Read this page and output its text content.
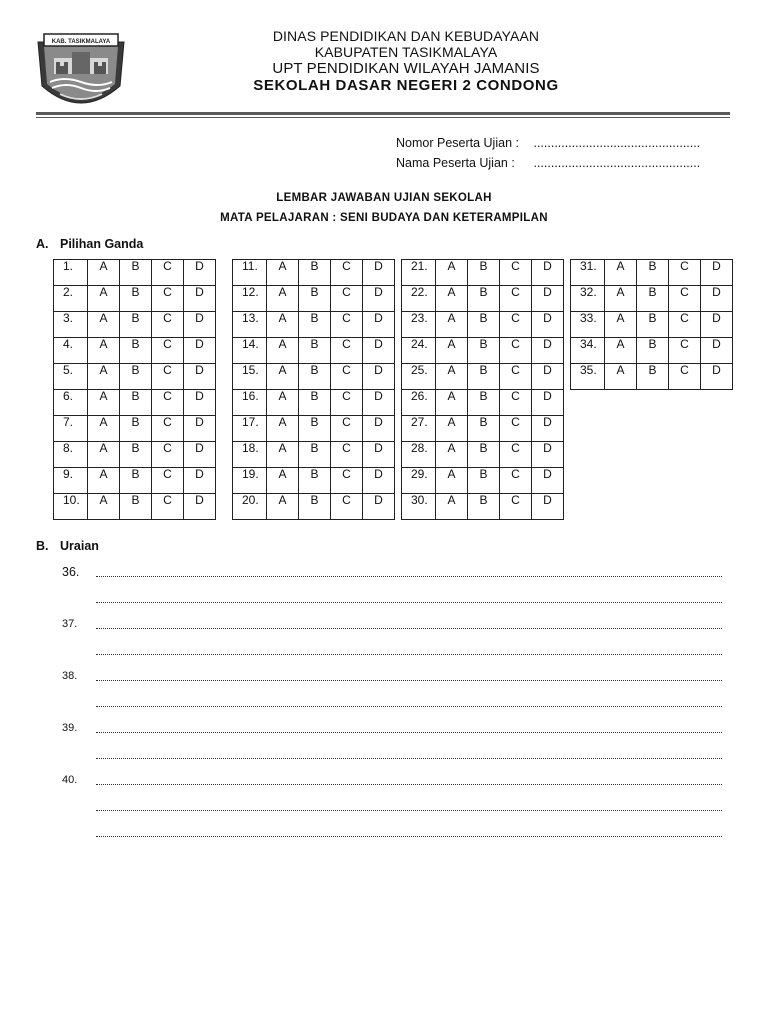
KAB. TASIKMALAYA	DINAS PENDIDIKAN DAN KEBUDAYAAN
KABUPATEN TASIKMALAYA
UPT PENDIDIKAN WILAYAH JAMANIS
SEKOLAH DASAR NEGERI 2 CONDONG
Nomor Peserta Ujian : ................................................
Nama Peserta Ujian : ................................................
LEMBAR JAWABAN UJIAN SEKOLAH
MATA PELAJARAN : SENI BUDAYA DAN KETERAMPILAN
A. Pilihan Ganda
1.	A	B	C	D
2.	A	B	C	D
3.	A	B	C	D
4.	A	B	C	D
5.	A	B	C	D
6.	A	B	C	D
7.	A	B	C	D
8.	A	B	C	D
9.	A	B	C	D
10.	A	B	C	D
11.	A	B	C	D
12.	A	B	C	D
13.	A	B	C	D
14.	A	B	C	D
15.	A	B	C	D
16.	A	B	C	D
17.	A	B	C	D
18.	A	B	C	D
19.	A	B	C	D
20.	A	B	C	D
21.	A	B	C	D
22.	A	B	C	D
23.	A	B	C	D
24.	A	B	C	D
25.	A	B	C	D
26.	A	B	C	D
27.	A	B	C	D
28.	A	B	C	D
29.	A	B	C	D
30.	A	B	C	D
31.	A	B	C	D
32.	A	B	C	D
33.	A	B	C	D
34.	A	B	C	D
35.	A	B	C	D
B. Uraian
36.
37.
38.
39.
40.
